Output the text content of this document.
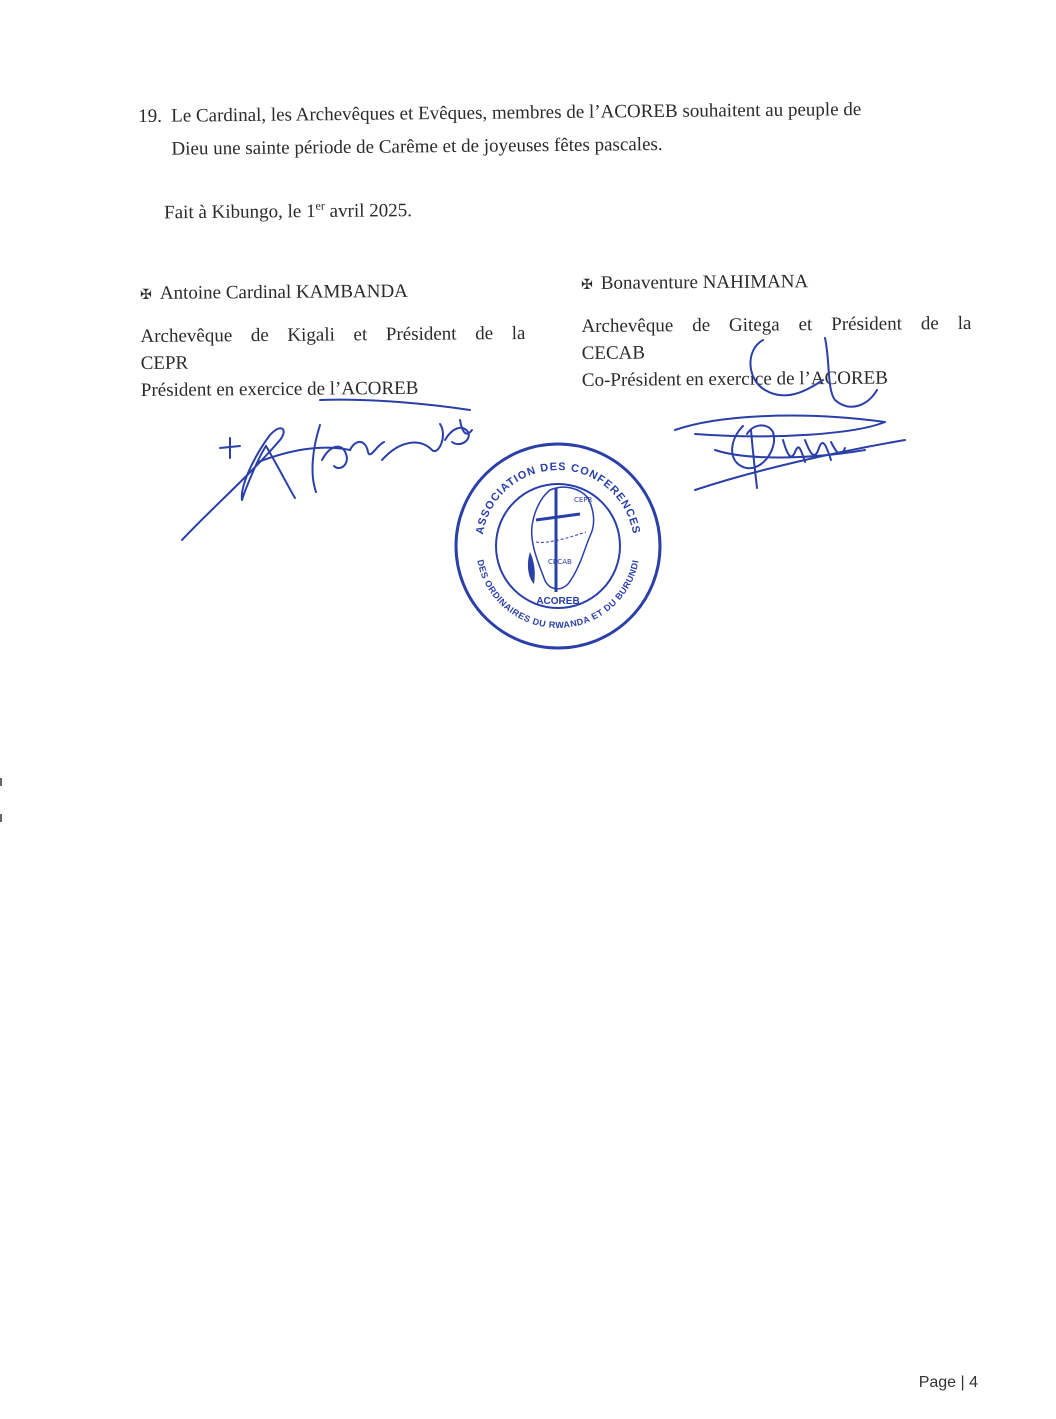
19. Le Cardinal, les Archevêques et Evêques, membres de l’ACOREB souhaitent au peuple de
Dieu une sainte période de Carême et de joyeuses fêtes pascales.
Fait à Kibungo, le 1er avril 2025.
✠ Antoine Cardinal KAMBANDA
Archevêque de Kigali et Président de la
CEPR
Président en exercice de l’ACOREB
✠ Bonaventure NAHIMANA
Archevêque de Gitega et Président de la
CECAB
Co-Président en exercice de l’ACOREB
ASSOCIATION DES CONFERENCES
DES ORDINAIRES DU RWANDA ET DU BURUNDI
ACOREB
CEPR
CECAB
Page | 4
